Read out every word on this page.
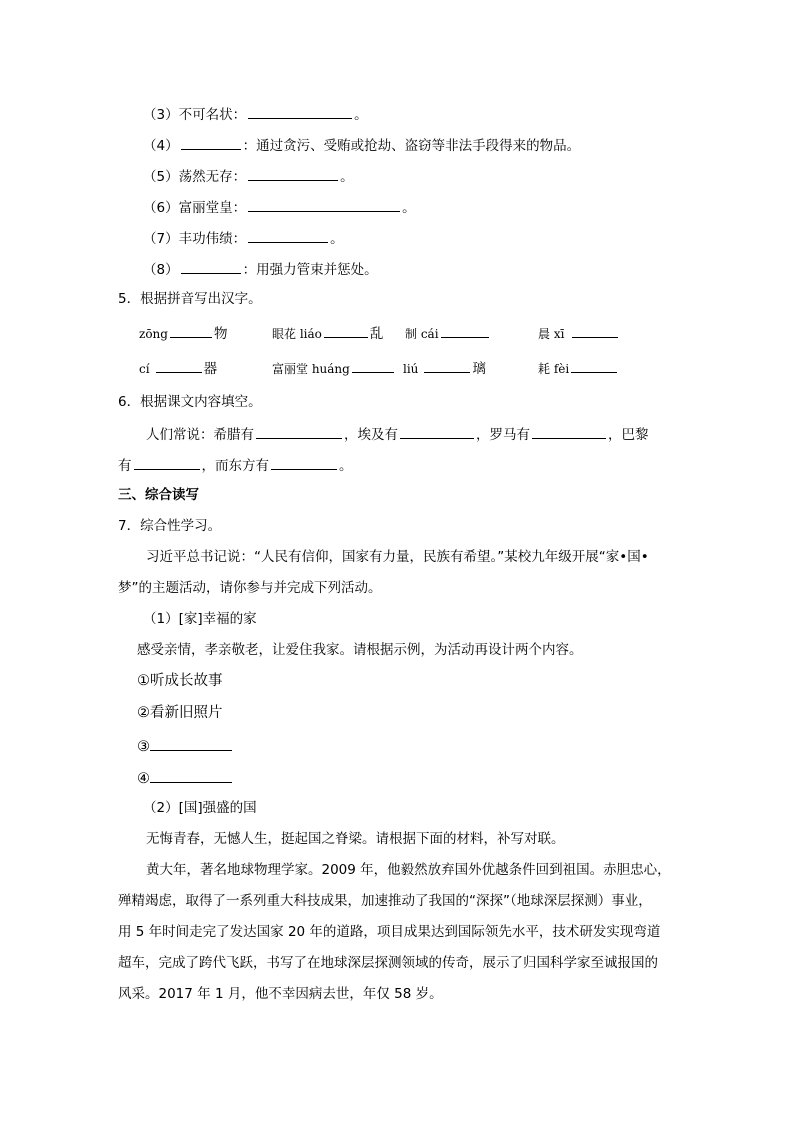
（3）不可名状：	。
（4）	：通过贪污、受贿或抢劫、盗窃等非法手段得来的物品。
（5）荡然无存：	。
（6）富丽堂皇：	。
（7）丰功伟绩：	。
（8）	：用强力管束并惩处。
5．根据拼音写出汉字。
zōng	物	眼花 liáo	乱 制 cái	晨 xī
cí	器	富丽堂 huáng	liú	璃	耗 fèi
6．根据课文内容填空。
人们常说：希腊有	，埃及有	，罗马有	，巴黎
有	，而东方有	。
三、综合读写
7．综合性学习。
习近平总书记说：“人民有信仰，国家有力量，民族有希望。”某校九年级开展“家•国•
梦”的主题活动，请你参与并完成下列活动。
（1）[家]幸福的家
感受亲情，孝亲敬老，让爱住我家。请根据示例，为活动再设计两个内容。
①听成长故事
②看新旧照片
③
④
（2）[国]强盛的国
无悔青春，无憾人生，挺起国之脊梁。请根据下面的材料，补写对联。
黄大年，著名地球物理学家。2009 年，他毅然放弃国外优越条件回到祖国。赤胆忠心，
殚精竭虑，取得了一系列重大科技成果，加速推动了我国的“深探”（地球深层探测）事业，
用 5 年时间走完了发达国家 20 年的道路，项目成果达到国际领先水平，技术研发实现弯道
超车，完成了跨代飞跃，书写了在地球深层探测领域的传奇，展示了归国科学家至诚报国的
风采。2017 年 1 月，他不幸因病去世，年仅 58 岁。
